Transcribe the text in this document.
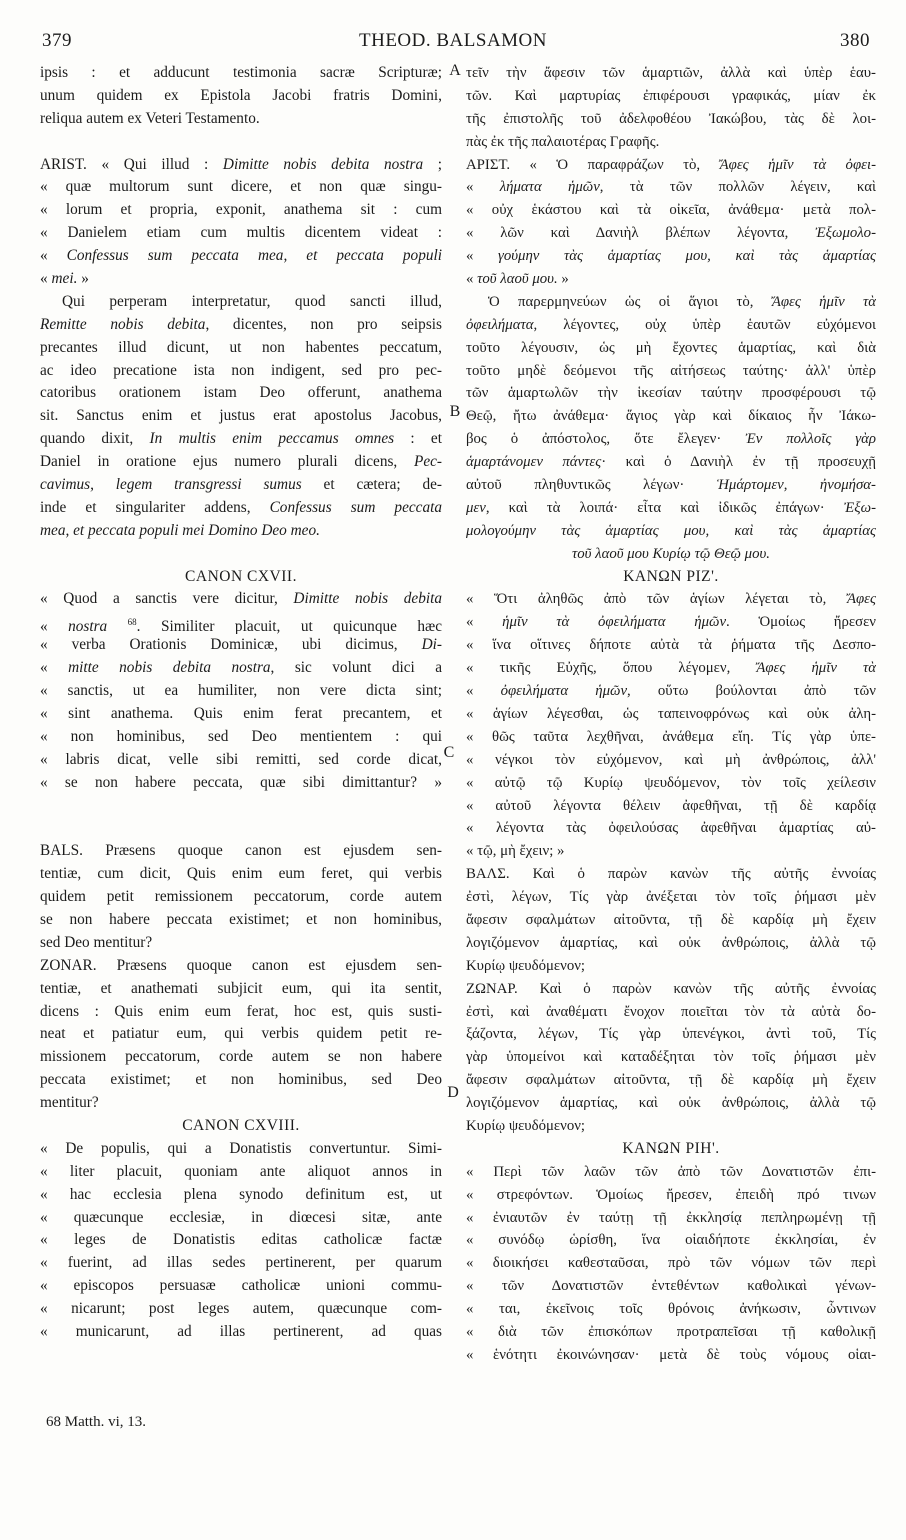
379	THEOD. BALSAMON	380
A
B
C
D
ipsis : et adducunt testimonia sacræ Scripturæ;
unum quidem ex Epistola Jacobi fratris Domini,
reliqua autem ex Veteri Testamento.
ARIST. « Qui illud : Dimitte nobis debita nostra ;
« quæ multorum sunt dicere, et non quæ singu-
« lorum et propria, exponit, anathema sit : cum
« Danielem etiam cum multis dicentem videat :
« Confessus sum peccata mea, et peccata populi
« mei. »
Qui perperam interpretatur, quod sancti illud,
Remitte nobis debita, dicentes, non pro seipsis
precantes illud dicunt, ut non habentes peccatum,
ac ideo precatione ista non indigent, sed pro pec-
catoribus orationem istam Deo offerunt, anathema
sit. Sanctus enim et justus erat apostolus Jacobus,
quando dixit, In multis enim peccamus omnes : et
Daniel in oratione ejus numero plurali dicens, Pec-
cavimus, legem transgressi sumus et cætera; de-
inde et singulariter addens, Confessus sum peccata
mea, et peccata populi mei Domino Deo meo.
CANON CXVII.
« Quod a sanctis vere dicitur, Dimitte nobis debita
« nostra $^{68}$. Similiter placuit, ut quicunque hæc
« verba Orationis Dominicæ, ubi dicimus, Di-
« mitte nobis debita nostra, sic volunt dici a
« sanctis, ut ea humiliter, non vere dicta sint;
« sint anathema. Quis enim ferat precantem, et
« non hominibus, sed Deo mentientem : qui
« labris dicat, velle sibi remitti, sed corde dicat,
« se non habere peccata, quæ sibi dimittantur? »
BALS. Præsens quoque canon est ejusdem sen-
tentiæ, cum dicit, Quis enim eum feret, qui verbis
quidem petit remissionem peccatorum, corde autem
se non habere peccata existimet; et non hominibus,
sed Deo mentitur?
ZONAR. Præsens quoque canon est ejusdem sen-
tentiæ, et anathemati subjicit eum, qui ita sentit,
dicens : Quis enim eum ferat, hoc est, quis susti-
neat et patiatur eum, qui verbis quidem petit re-
missionem peccatorum, corde autem se non habere
peccata existimet; et non hominibus, sed Deo
mentitur?
CANON CXVIII.
« De populis, qui a Donatistis convertuntur. Simi-
« liter placuit, quoniam ante aliquot annos in
« hac ecclesia plena synodo definitum est, ut
« quæcunque ecclesiæ, in diœcesi sitæ, ante
« leges de Donatistis editas catholicæ factæ
« fuerint, ad illas sedes pertinerent, per quarum
« episcopos persuasæ catholicæ unioni commu-
« nicarunt; post leges autem, quæcunque com-
« municarunt, ad illas pertinerent, ad quas
τεῖν τὴν ἄφεσιν τῶν ἁμαρτιῶν, ἀλλὰ καὶ ὑπὲρ ἑαυ-
τῶν. Καὶ μαρτυρίας ἐπιφέρουσι γραφικάς, μίαν ἐκ
τῆς ἐπιστολῆς τοῦ ἀδελφοθέου Ἰακώβου, τὰς δὲ λοι-
πὰς ἐκ τῆς παλαιοτέρας Γραφῆς.
ΑΡΙΣΤ. « Ὁ παραφράζων τὸ, Ἄφες ἡμῖν τὰ ὀφει-
« λήματα ἡμῶν, τὰ τῶν πολλῶν λέγειν, καὶ
« οὐχ ἑκάστου καὶ τὰ οἰκεῖα, ἀνάθεμα· μετὰ πολ-
« λῶν καὶ Δανιὴλ βλέπων λέγοντα, Ἐξωμολο-
« γούμην τὰς ἁμαρτίας μου, καὶ τὰς ἁμαρτίας
« τοῦ λαοῦ μου. »
Ὁ παρερμηνεύων ὡς οἱ ἅγιοι τὸ, Ἄφες ἡμῖν τὰ
ὀφειλήματα, λέγοντες, οὐχ ὑπὲρ ἑαυτῶν εὐχόμενοι
τοῦτο λέγουσιν, ὡς μὴ ἔχοντες ἁμαρτίας, καὶ διὰ
τοῦτο μηδὲ δεόμενοι τῆς αἰτήσεως ταύτης· ἀλλ' ὑπὲρ
τῶν ἁμαρτωλῶν τὴν ἱκεσίαν ταύτην προσφέρουσι τῷ
Θεῷ, ἤτω ἀνάθεμα· ἅγιος γὰρ καὶ δίκαιος ἦν Ἰάκω-
βος ὁ ἀπόστολος, ὅτε ἔλεγεν· Ἐν πολλοῖς γὰρ
ἁμαρτάνομεν πάντες· καὶ ὁ Δανιὴλ ἐν τῇ προσευχῇ
αὐτοῦ πληθυντικῶς λέγων· Ἡμάρτομεν, ἠνομήσα-
μεν, καὶ τὰ λοιπά· εἶτα καὶ ἰδικῶς ἐπάγων· Ἐξω-
μολογούμην τὰς ἁμαρτίας μου, καὶ τὰς ἁμαρτίας
τοῦ λαοῦ μου Κυρίῳ τῷ Θεῷ μου.
ΚΑΝΩΝ ΡΙΖ'.
« Ὅτι ἀληθῶς ἀπὸ τῶν ἁγίων λέγεται τὸ, Ἄφες
« ἡμῖν τὰ ὀφειλήματα ἡμῶν. Ὁμοίως ἤρεσεν
« ἵνα οἵτινες δήποτε αὐτὰ τὰ ῥήματα τῆς Δεσπο-
« τικῆς Εὐχῆς, ὅπου λέγομεν, Ἄφες ἡμῖν τὰ
« ὀφειλήματα ἡμῶν, οὕτω βούλονται ἀπὸ τῶν
« ἁγίων λέγεσθαι, ὡς ταπεινοφρόνως καὶ οὐκ ἀλη-
« θῶς ταῦτα λεχθῆναι, ἀνάθεμα εἴη. Τίς γὰρ ὑπε-
« νέγκοι τὸν εὐχόμενον, καὶ μὴ ἀνθρώποις, ἀλλ'
« αὐτῷ τῷ Κυρίῳ ψευδόμενον, τὸν τοῖς χείλεσιν
« αὐτοῦ λέγοντα θέλειν ἀφεθῆναι, τῇ δὲ καρδίᾳ
« λέγοντα τὰς ὀφειλούσας ἀφεθῆναι ἁμαρτίας αὐ-
« τῷ, μὴ ἔχειν; »
ΒΑΛΣ. Καὶ ὁ παρὼν κανὼν τῆς αὐτῆς ἐννοίας
ἐστὶ, λέγων, Τίς γὰρ ἀνέξεται τὸν τοῖς ῥήμασι μὲν
ἄφεσιν σφαλμάτων αἰτοῦντα, τῇ δὲ καρδίᾳ μὴ ἔχειν
λογιζόμενον ἁμαρτίας, καὶ οὐκ ἀνθρώποις, ἀλλὰ τῷ
Κυρίῳ ψευδόμενον;
ΖΩΝΑΡ. Καὶ ὁ παρὼν κανὼν τῆς αὐτῆς ἐννοίας
ἐστὶ, καὶ ἀναθέματι ἔνοχον ποιεῖται τὸν τὰ αὐτὰ δο-
ξάζοντα, λέγων, Τίς γὰρ ὑπενέγκοι, ἀντὶ τοῦ, Τίς
γὰρ ὑπομείνοι καὶ καταδέξηται τὸν τοῖς ῥήμασι μὲν
ἄφεσιν σφαλμάτων αἰτοῦντα, τῇ δὲ καρδίᾳ μὴ ἔχειν
λογιζόμενον ἁμαρτίας, καὶ οὐκ ἀνθρώποις, ἀλλὰ τῷ
Κυρίῳ ψευδόμενον;
ΚΑΝΩΝ ΡΙΗ'.
« Περὶ τῶν λαῶν τῶν ἀπὸ τῶν Δονατιστῶν ἐπι-
« στρεφόντων. Ὁμοίως ἤρεσεν, ἐπειδὴ πρό τινων
« ἐνιαυτῶν ἐν ταύτῃ τῇ ἐκκλησίᾳ πεπληρωμένῃ τῇ
« συνόδῳ ὡρίσθη, ἵνα οἱαιδήποτε ἐκκλησίαι, ἐν
« διοικήσει καθεσταῦσαι, πρὸ τῶν νόμων τῶν περὶ
« τῶν Δονατιστῶν ἐντεθέντων καθολικαὶ γένων-
« ται, ἐκεῖνοις τοῖς θρόνοις ἀνήκωσιν, ὧντινων
« διὰ τῶν ἐπισκόπων προτραπεῖσαι τῇ καθολικῇ
« ἑνότητι ἐκοινώνησαν· μετὰ δὲ τοὺς νόμους οἱαι-
68 Matth. vi, 13.
